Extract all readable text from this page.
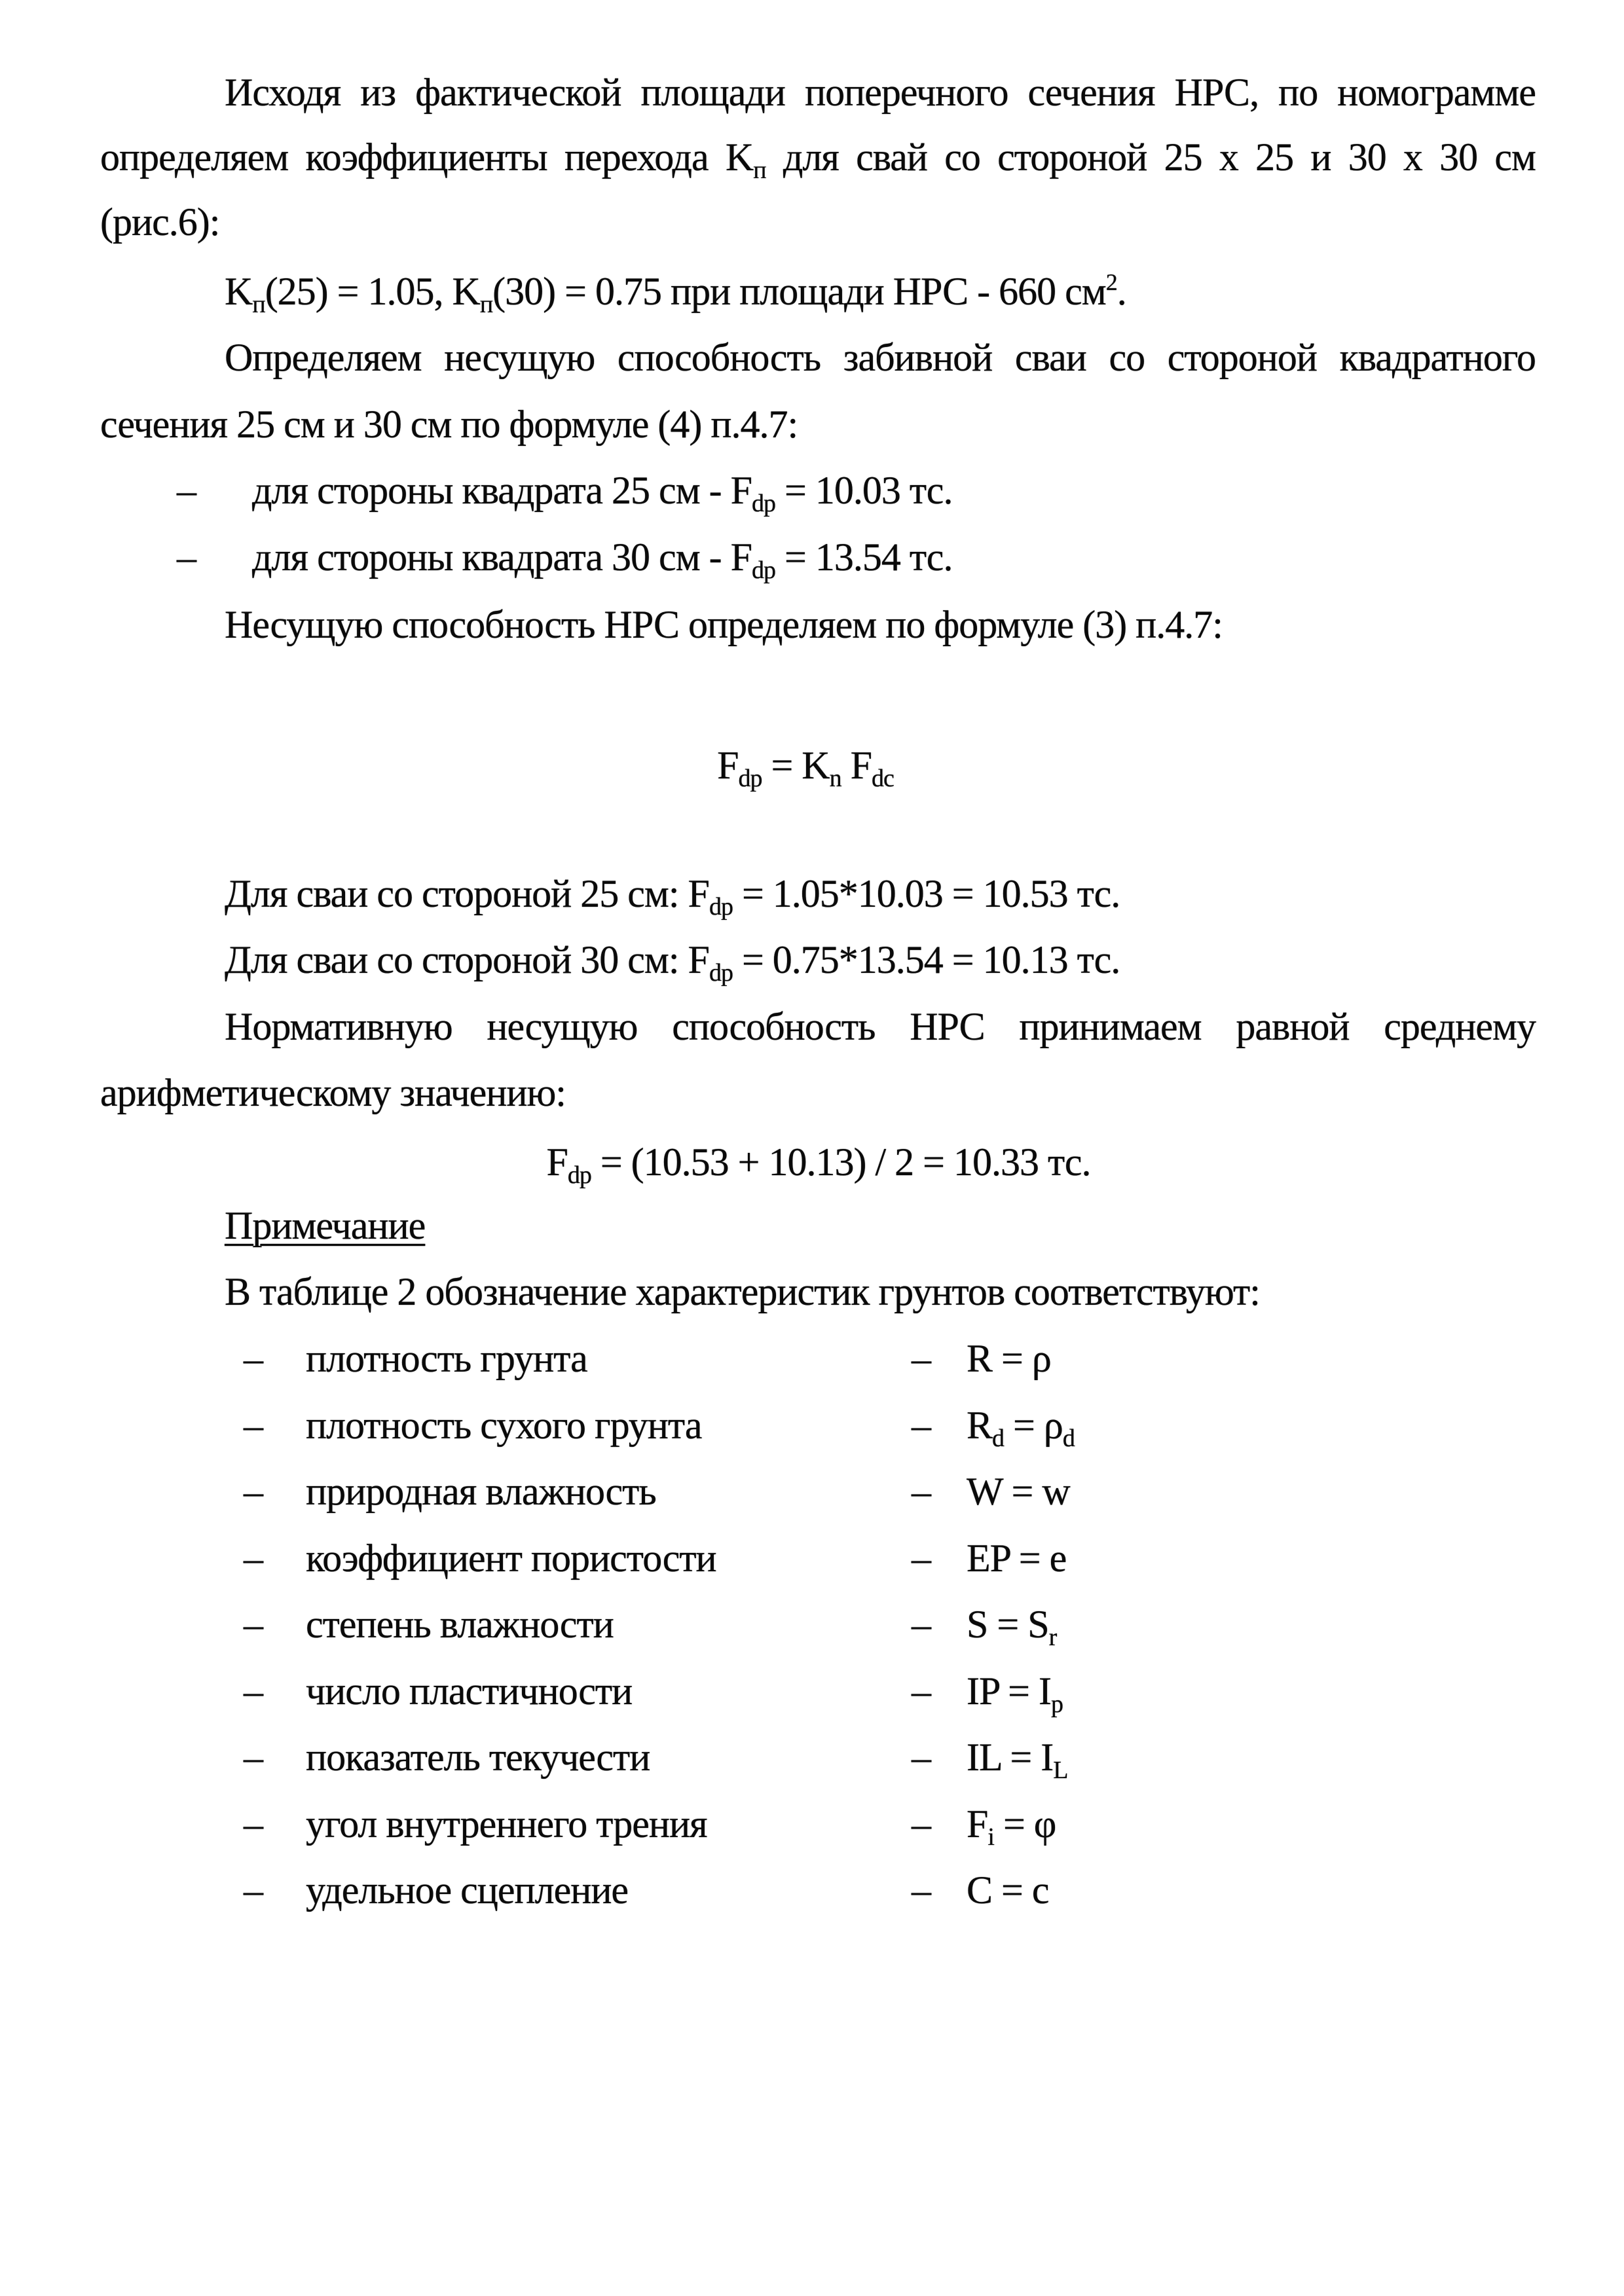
Исходя из фактической площади поперечного сечения НРС, по номограмме
определяем коэффициенты перехода $K_п$ для свай со стороной 25 x 25 и 30 x 30 см
(рис.6):
$K_п(25) = 1.05$, $K_п(30) = 0.75$ при площади НРС - 660 $см^2$.
Определяем несущую способность забивной сваи со стороной квадратного
сечения 25 см и 30 см по формуле (4) п.4.7:
– для стороны квадрата 25 см - $F_{dp} = 10.03$ тс.
– для стороны квадрата 30 см - $F_{dp} = 13.54$ тс.
Несущую способность НРС определяем по формуле (3) п.4.7:
$F_{dp} = K_n$ $F_{dc}$
Для сваи со стороной 25 см: $F_{dp} = 1.05*10.03 = 10.53$ тс.
Для сваи со стороной 30 см: $F_{dp} = 0.75*13.54 = 10.13$ тс.
Нормативную несущую способность НРС принимаем равной среднему
арифметическому значению:
$F_{dp} = (10.53 + 10.13) / 2 = 10.33$ тс.
Примечание
В таблице 2 обозначение характеристик грунтов соответствуют:
– плотность грунта	– R = ρ
– плотность сухого грунта	– $R_d = \rho_d$
– природная влажность	– W = w
– коэффициент пористости	– EP = e
– степень влажности	– $S = S_r$
– число пластичности	– IP = $I_p$
– показатель текучести	– IL = $I_L$
– угол внутреннего трения	– $F_i = \varphi$
– удельное сцепление	– C = c
